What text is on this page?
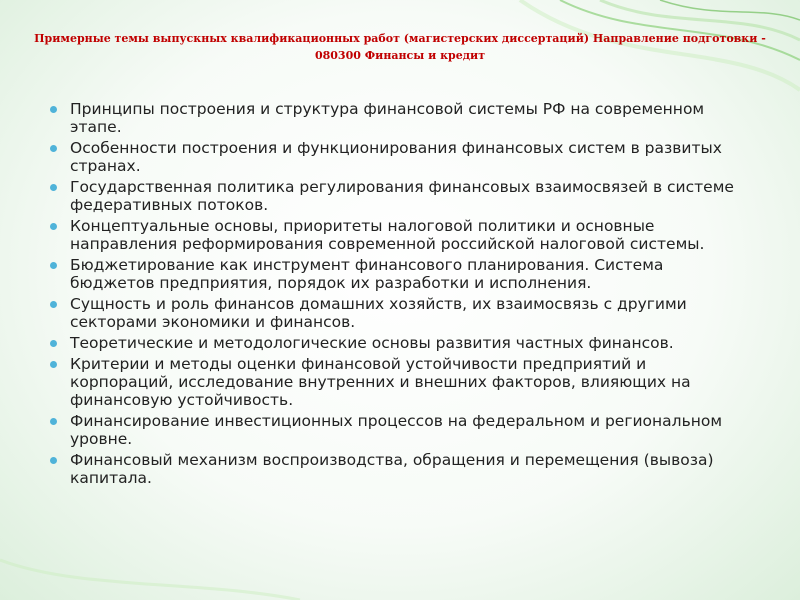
Примерные темы выпускных квалификационных работ (магистерских диссертаций) Направление подготовки - 080300 Финансы и кредит
Принципы построения и структура финансовой системы РФ на современном этапе.
Особенности построения и функционирования финансовых систем в развитых странах.
Государственная политика регулирования финансовых взаимосвязей в системе федеративных потоков.
Концептуальные основы, приоритеты налоговой политики и основные направления реформирования современной российской налоговой системы.
Бюджетирование как инструмент финансового планирования. Система бюджетов предприятия, порядок их разработки и исполнения.
Сущность и роль финансов домашних хозяйств, их взаимосвязь с другими секторами экономики и финансов.
Теоретические и методологические основы развития частных финансов.
Критерии и методы оценки финансовой устойчивости предприятий и корпораций, исследование внутренних и внешних факторов, влияющих на финансовую устойчивость.
Финансирование инвестиционных процессов на федеральном и региональном уровне.
Финансовый механизм воспроизводства, обращения и перемещения (вывоза) капитала.
